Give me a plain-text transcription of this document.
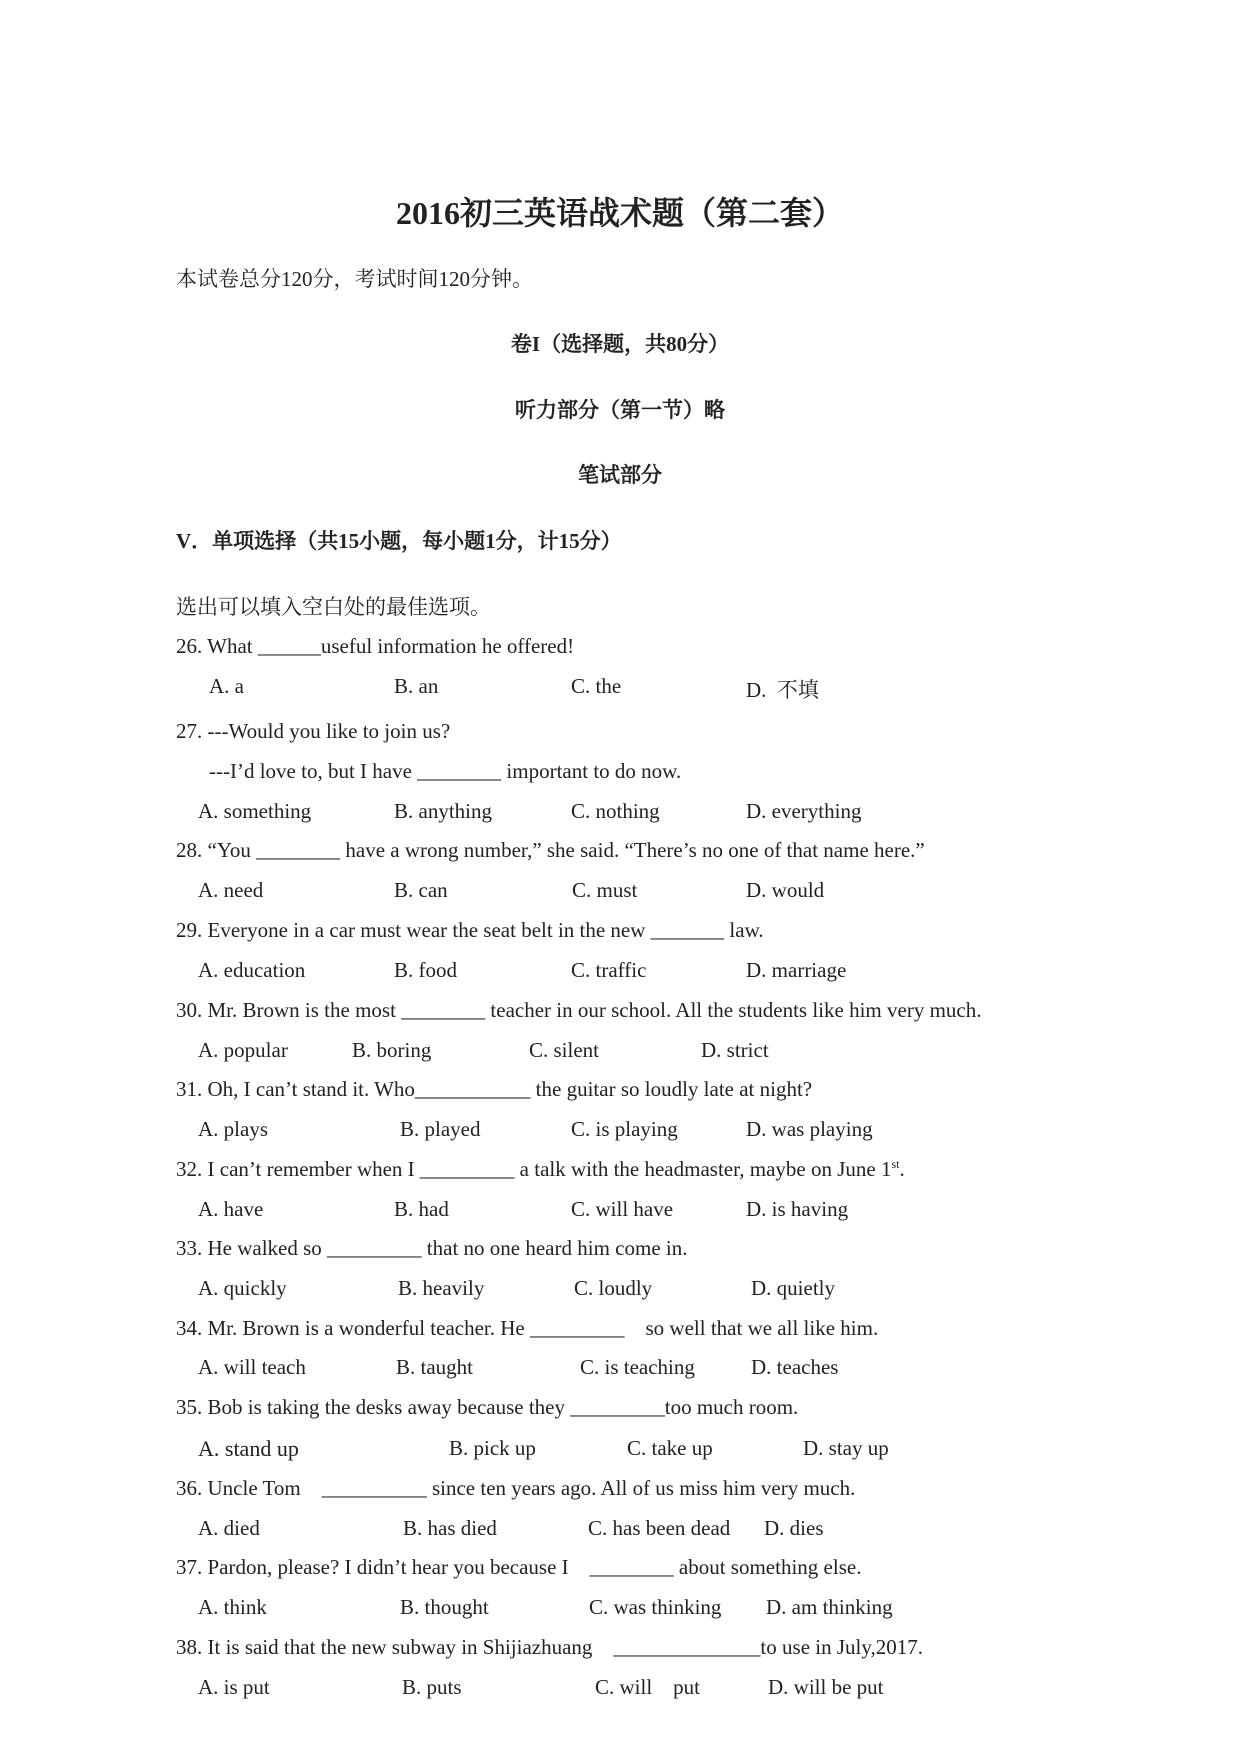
2016初三英语战术题（第二套）
本试卷总分120分，考试时间120分钟。
卷I（选择题，共80分）
听力部分（第一节）略
笔试部分
V．单项选择（共15小题，每小题1分，计15分）
选出可以填入空白处的最佳选项。
26. What ______useful information he offered!
A. a	B. an	C. the	D.  不填
27. ---Would you like to join us?
---I’d love to, but I have ________ important to do now.
A. something	B. anything	C. nothing	D. everything
28. “You ________ have a wrong number,” she said. “There’s no one of that name here.”
A. need	B. can	C. must	D. would
29. Everyone in a car must wear the seat belt in the new _______ law.
A. education	B. food	C. traffic	D. marriage
30. Mr. Brown is the most ________ teacher in our school. All the students like him very much.
A. popular	B. boring	C. silent	D. strict
31. Oh, I can’t stand it. Who___________ the guitar so loudly late at night?
A. plays	B. played	C. is playing	D. was playing
32. I can’t remember when I _________ a talk with the headmaster, maybe on June 1st.
A. have	B. had	C. will have	D. is having
33. He walked so _________ that no one heard him come in.
A. quickly	B. heavily	C. loudly	D. quietly
34. Mr. Brown is a wonderful teacher. He _________    so well that we all like him.
A. will teach	B. taught	C. is teaching	D. teaches
35. Bob is taking the desks away because they _________too much room.
A. stand up	B. pick up	C. take up	D. stay up
36. Uncle Tom    __________ since ten years ago. All of us miss him very much.
A. died	B. has died	C. has been dead D. dies
37. Pardon, please? I didn’t hear you because I    ________ about something else.
A. think	B. thought	C. was thinking D. am thinking
38. It is said that the new subway in Shijiazhuang    ______________to use in July,2017.
A. is put	B. puts	C. will    put	D. will be put
